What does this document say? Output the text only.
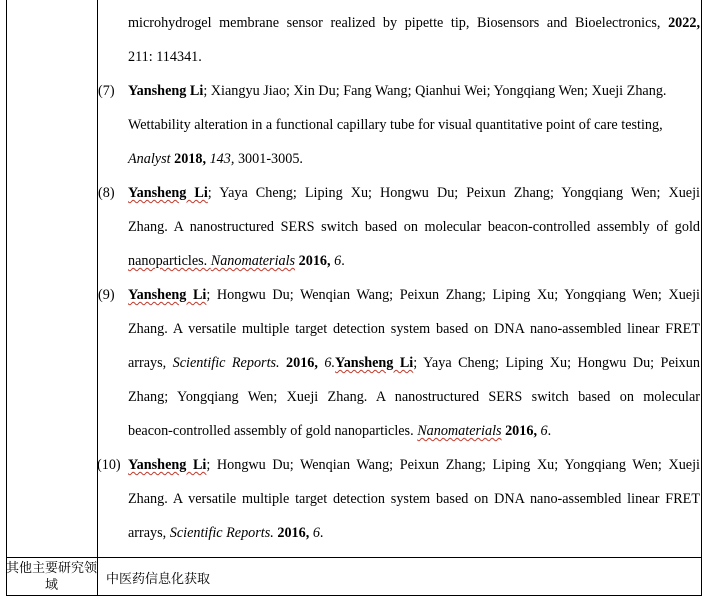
microhydrogel membrane sensor realized by pipette tip, Biosensors and Bioelectronics, 2022,
211: 114341.
(7) Yansheng Li; Xiangyu Jiao; Xin Du; Fang Wang; Qianhui Wei; Yongqiang Wen; Xueji Zhang.
Wettability alteration in a functional capillary tube for visual quantitative point of care testing,
Analyst 2018, 143, 3001-3005.
(8) Yansheng Li; Yaya Cheng; Liping Xu; Hongwu Du; Peixun Zhang; Yongqiang Wen; Xueji
Zhang. A nanostructured SERS switch based on molecular beacon-controlled assembly of gold
nanoparticles. Nanomaterials 2016, 6.
(9) Yansheng Li; Hongwu Du; Wenqian Wang; Peixun Zhang; Liping Xu; Yongqiang Wen; Xueji
Zhang. A versatile multiple target detection system based on DNA nano-assembled linear FRET
arrays, Scientific Reports. 2016, 6.Yansheng Li; Yaya Cheng; Liping Xu; Hongwu Du; Peixun
Zhang; Yongqiang Wen; Xueji Zhang. A nanostructured SERS switch based on molecular
beacon-controlled assembly of gold nanoparticles. Nanomaterials 2016, 6.
(10) Yansheng Li; Hongwu Du; Wenqian Wang; Peixun Zhang; Liping Xu; Yongqiang Wen; Xueji
Zhang. A versatile multiple target detection system based on DNA nano-assembled linear FRET
arrays, Scientific Reports. 2016, 6.
其他主要研究领域	中医药信息化获取
